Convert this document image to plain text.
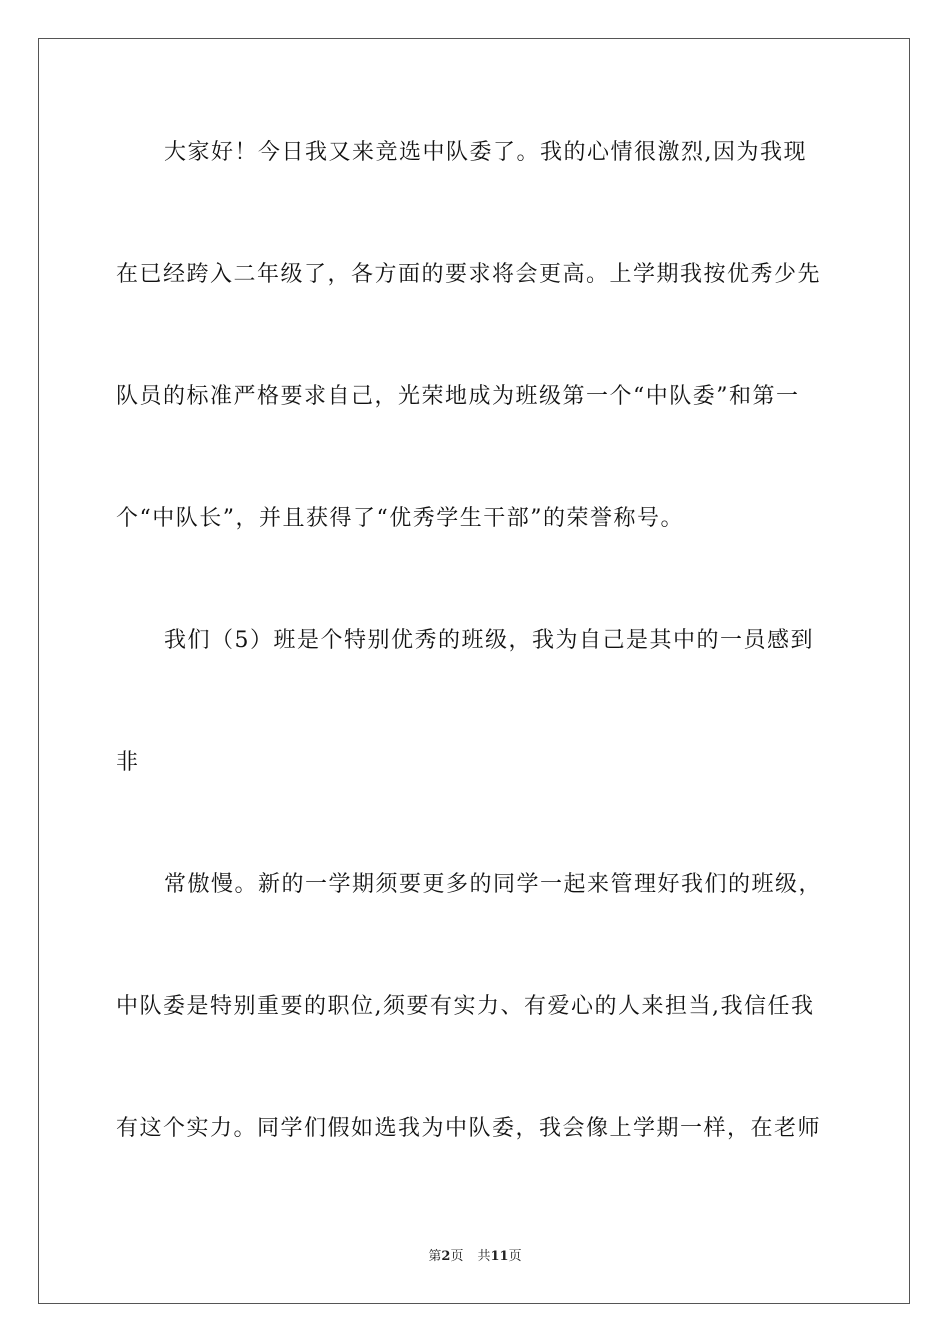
大家好！今日我又来竞选中队委了。我的心情很激烈,因为我现
在已经跨入二年级了，各方面的要求将会更高。上学期我按优秀少先
队员的标准严格要求自己，光荣地成为班级第一个“中队委”和第一
个“中队长”，并且获得了“优秀学生干部”的荣誉称号。
我们（5）班是个特别优秀的班级，我为自己是其中的一员感到
非
常傲慢。新的一学期须要更多的同学一起来管理好我们的班级，
中队委是特别重要的职位,须要有实力、有爱心的人来担当,我信任我
有这个实力。同学们假如选我为中队委，我会像上学期一样，在老师
第2页 共11页
